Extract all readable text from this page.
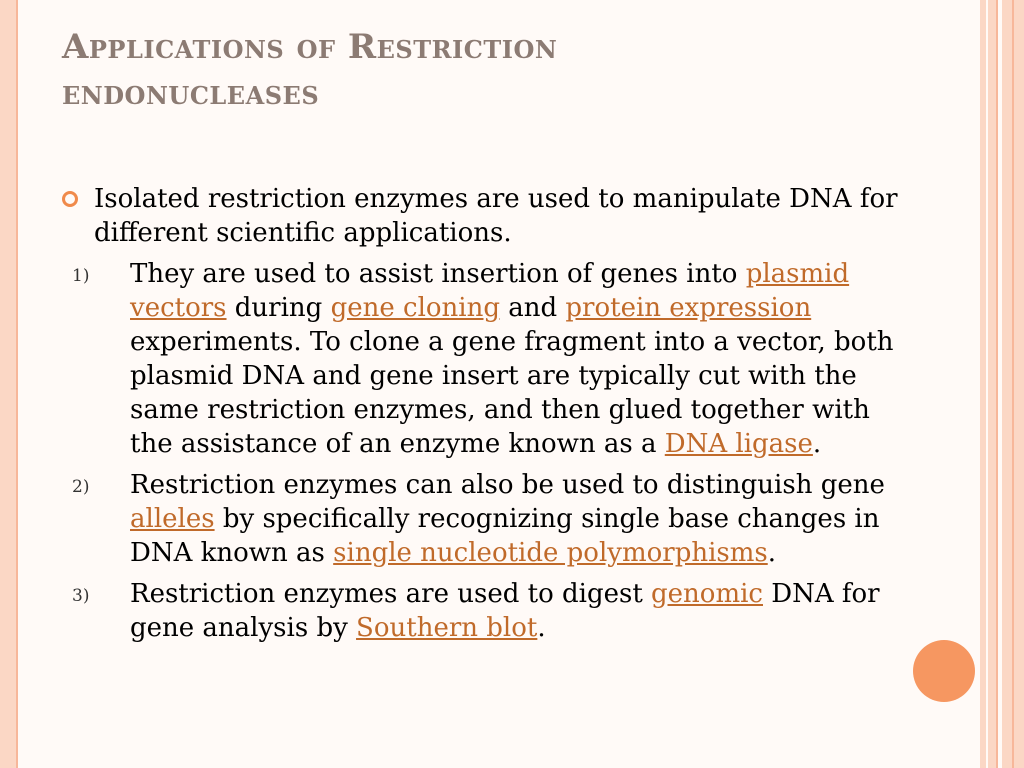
Applications of Restriction
endonucleases
Isolated restriction enzymes are used to manipulate DNA for different scientific applications.
1)	They are used to assist insertion of genes into plasmid vectors during gene cloning and protein expression experiments. To clone a gene fragment into a vector, both plasmid DNA and gene insert are typically cut with the same restriction enzymes, and then glued together with the assistance of an enzyme known as a DNA ligase.
2)	Restriction enzymes can also be used to distinguish gene alleles by specifically recognizing single base changes in DNA known as single nucleotide polymorphisms.
3)	Restriction enzymes are used to digest genomic DNA for gene analysis by Southern blot.
